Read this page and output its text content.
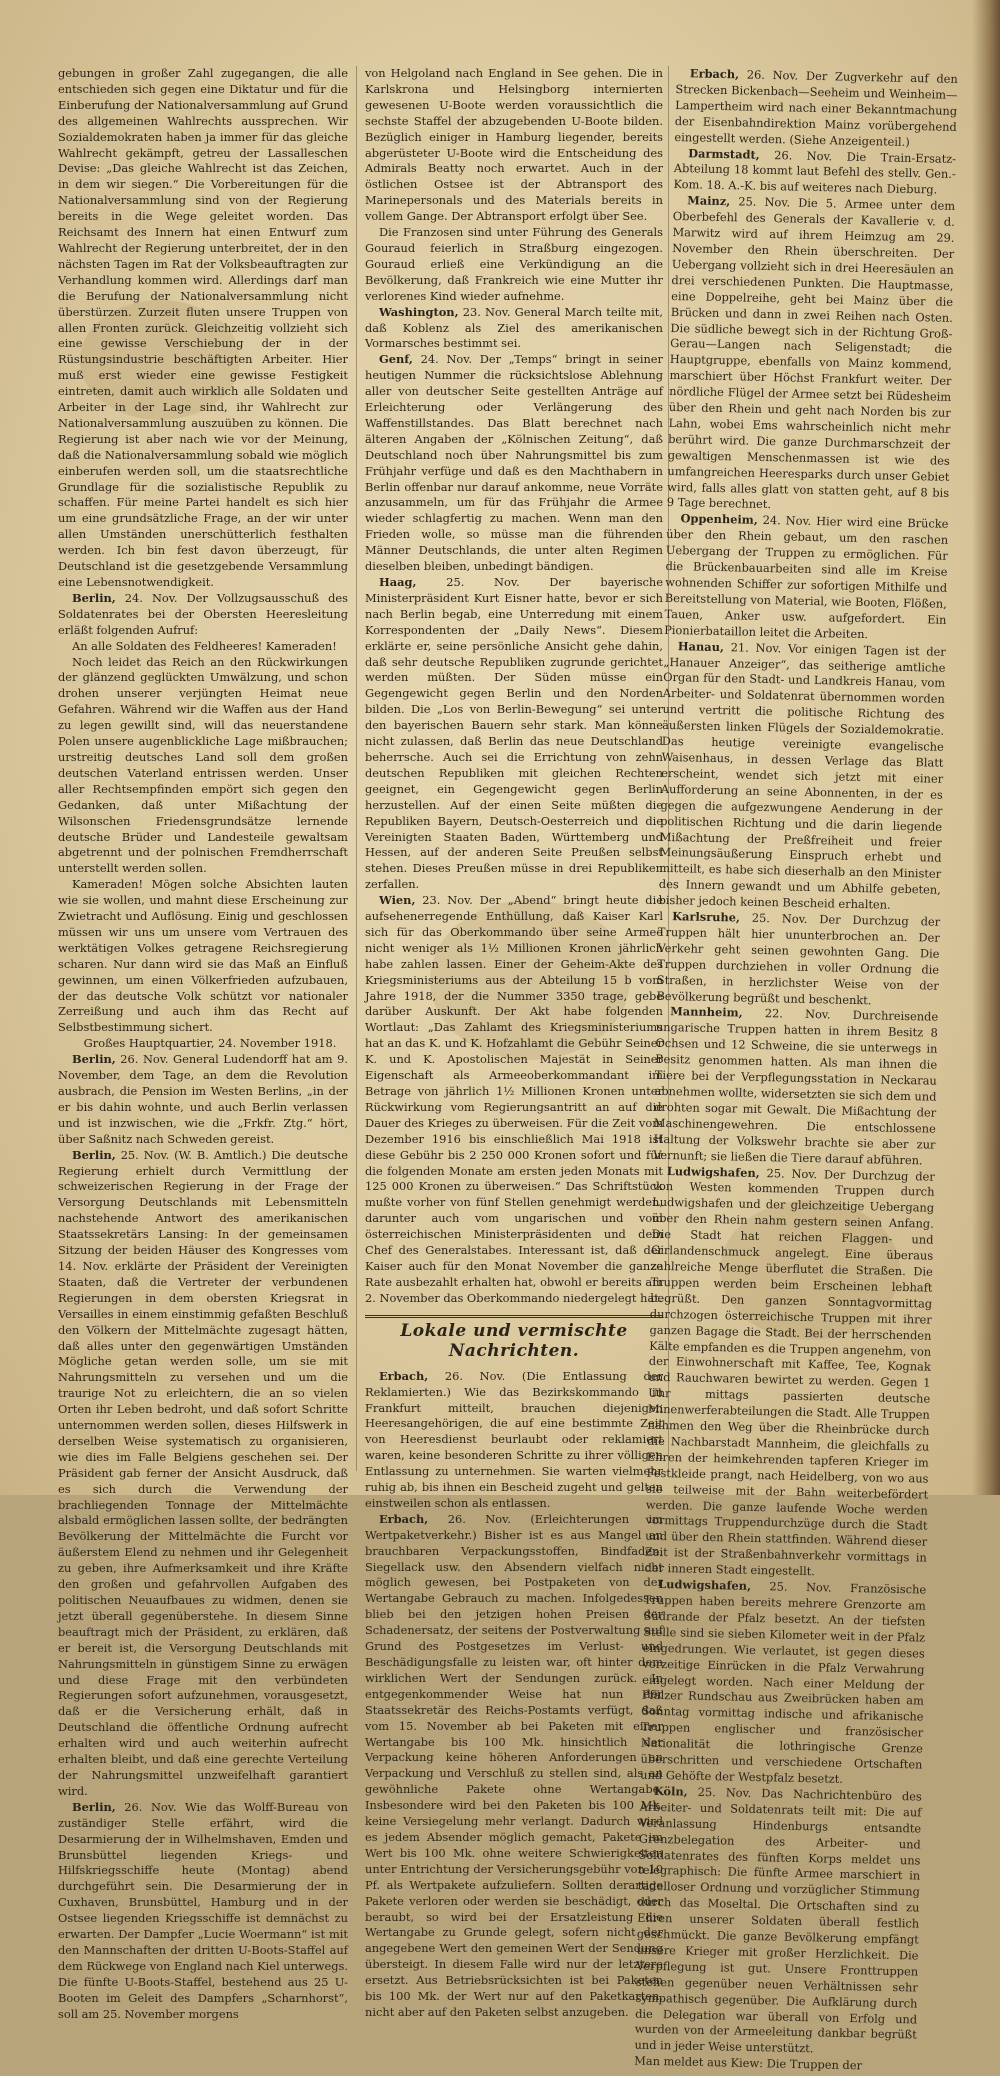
gebungen in großer Zahl zugegangen, die alle entschieden sich gegen eine Diktatur und für die Einberufung der Nationalversammlung auf Grund des allgemeinen Wahlrechts aussprechen. Wir Sozialdemokraten haben ja immer für das gleiche Wahlrecht gekämpft, getreu der Lassalleschen Devise: „Das gleiche Wahlrecht ist das Zeichen, in dem wir siegen.“ Die Vorbereitungen für die Nationalversammlung sind von der Regierung bereits in die Wege geleitet worden. Das Reichsamt des Innern hat einen Entwurf zum Wahlrecht der Regierung unterbreitet, der in den nächsten Tagen im Rat der Volksbeauftragten zur Verhandlung kommen wird. Allerdings darf man die Berufung der Nationalversammlung nicht überstürzen. Zurzeit fluten unsere Truppen von allen Fronten zurück. Gleichzeitig vollzieht sich eine gewisse Verschiebung der in der Rüstungsindustrie beschäftigten Arbeiter. Hier muß erst wieder eine gewisse Festigkeit eintreten, damit auch wirklich alle Soldaten und Arbeiter in der Lage sind, ihr Wahlrecht zur Nationalversammlung auszuüben zu können. Die Regierung ist aber nach wie vor der Meinung, daß die Nationalversammlung sobald wie möglich einberufen werden soll, um die staatsrechtliche Grundlage für die sozialistische Republik zu schaffen. Für meine Partei handelt es sich hier um eine grundsätzliche Frage, an der wir unter allen Umständen unerschütterlich festhalten werden. Ich bin fest davon überzeugt, für Deutschland ist die gesetzgebende Versammlung eine Lebensnotwendigkeit.

Berlin, 24. Nov. Der Vollzugsausschuß des Soldatenrates bei der Obersten Heeresleitung erläßt folgenden Aufruf:

An alle Soldaten des Feldheeres! Kameraden!

Noch leidet das Reich an den Rückwirkungen der glänzend geglückten Umwälzung, und schon drohen unserer verjüngten Heimat neue Gefahren. Während wir die Waffen aus der Hand zu legen gewillt sind, will das neuerstandene Polen unsere augenblickliche Lage mißbrauchen; urstreitig deutsches Land soll dem großen deutschen Vaterland entrissen werden. Unser aller Rechtsempfinden empört sich gegen den Gedanken, daß unter Mißachtung der Wilsonschen Friedensgrundsätze lernende deutsche Brüder und Landesteile gewaltsam abgetrennt und der polnischen Fremdherrschaft unterstellt werden sollen.

Kameraden! Mögen solche Absichten lauten wie sie wollen, und mahnt diese Erscheinung zur Zwietracht und Auflösung. Einig und geschlossen müssen wir uns um unsere vom Vertrauen des werktätigen Volkes getragene Reichsregierung scharen. Nur dann wird sie das Maß an Einfluß gewinnen, um einen Völkerfrieden aufzubauen, der das deutsche Volk schützt vor nationaler Zerreißung und auch ihm das Recht auf Selbstbestimmung sichert.

Großes Hauptquartier, 24. November 1918.

Berlin, 26. Nov. General Ludendorff hat am 9. November, dem Tage, an dem die Revolution ausbrach, die Pension im Westen Berlins, „in der er bis dahin wohnte, und auch Berlin verlassen und ist inzwischen, wie die „Frkfr. Ztg.“ hört, über Saßnitz nach Schweden gereist.

Berlin, 25. Nov. (W. B. Amtlich.) Die deutsche Regierung erhielt durch Vermittlung der schweizerischen Regierung in der Frage der Versorgung Deutschlands mit Lebensmitteln nachstehende Antwort des amerikanischen Staatssekretärs Lansing: In der gemeinsamen Sitzung der beiden Häuser des Kongresses vom 14. Nov. erklärte der Präsident der Vereinigten Staaten, daß die Vertreter der verbundenen Regierungen in dem obersten Kriegsrat in Versailles in einem einstimmig gefaßten Beschluß den Völkern der Mittelmächte zugesagt hätten, daß alles unter den gegenwärtigen Umständen Mögliche getan werden solle, um sie mit Nahrungsmitteln zu versehen und um die traurige Not zu erleichtern, die an so vielen Orten ihr Leben bedroht, und daß sofort Schritte unternommen werden sollen, dieses Hilfswerk in derselben Weise systematisch zu organisieren, wie dies im Falle Belgiens geschehen sei. Der Präsident gab ferner der Ansicht Ausdruck, daß es sich durch die Verwendung der brachliegenden Tonnage der Mittelmächte alsbald ermöglichen lassen sollte, der bedrängten Bevölkerung der Mittelmächte die Furcht vor äußerstem Elend zu nehmen und ihr Gelegenheit zu geben, ihre Aufmerksamkeit und ihre Kräfte den großen und gefahrvollen Aufgaben des politischen Neuaufbaues zu widmen, denen sie jetzt überall gegenüberstehe. In diesem Sinne beauftragt mich der Präsident, zu erklären, daß er bereit ist, die Versorgung Deutschlands mit Nahrungsmitteln in günstigem Sinne zu erwägen und diese Frage mit den verbündeten Regierungen sofort aufzunehmen, vorausgesetzt, daß er die Versicherung erhält, daß in Deutschland die öffentliche Ordnung aufrecht erhalten wird und auch weiterhin aufrecht erhalten bleibt, und daß eine gerechte Verteilung der Nahrungsmittel unzweifelhaft garantiert wird.

Berlin, 26. Nov. Wie das Wolff-Bureau von zuständiger Stelle erfährt, wird die Desarmierung der in Wilhelmshaven, Emden und Brunsbüttel liegenden Kriegs- und Hilfskriegsschiffe heute (Montag) abend durchgeführt sein. Die Desarmierung der in Cuxhaven, Brunsbüttel, Hamburg und in der Ostsee liegenden Kriegsschiffe ist demnächst zu erwarten. Der Dampfer „Lucie Woermann“ ist mit den Mannschaften der dritten U-Boots-Staffel auf dem Rückwege von England nach Kiel unterwegs. Die fünfte U-Boots-Staffel, bestehend aus 25 U-Booten im Geleit des Dampfers „Scharnhorst“, soll am 25. November morgens

von Helgoland nach England in See gehen. Die in Karlskrona und Helsingborg internierten gewesenen U-Boote werden voraussichtlich die sechste Staffel der abzugebenden U-Boote bilden. Bezüglich einiger in Hamburg liegender, bereits abgerüsteter U-Boote wird die Entscheidung des Admirals Beatty noch erwartet. Auch in der östlichen Ostsee ist der Abtransport des Marinepersonals und des Materials bereits in vollem Gange. Der Abtransport erfolgt über See.

Die Franzosen sind unter Führung des Generals Gouraud feierlich in Straßburg eingezogen. Gouraud erließ eine Verkündigung an die Bevölkerung, daß Frankreich wie eine Mutter ihr verlorenes Kind wieder aufnehme.

Washington, 23. Nov. General March teilte mit, daß Koblenz als Ziel des amerikanischen Vormarsches bestimmt sei.

Genf, 24. Nov. Der „Temps“ bringt in seiner heutigen Nummer die rücksichtslose Ablehnung aller von deutscher Seite gestellten Anträge auf Erleichterung oder Verlängerung des Waffenstillstandes. Das Blatt berechnet nach älteren Angaben der „Kölnischen Zeitung“, daß Deutschland noch über Nahrungsmittel bis zum Frühjahr verfüge und daß es den Machthabern in Berlin offenbar nur darauf ankomme, neue Vorräte anzusammeln, um für das Frühjahr die Armee wieder schlagfertig zu machen. Wenn man den Frieden wolle, so müsse man die führenden Männer Deutschlands, die unter alten Regimen dieselben bleiben, unbedingt bändigen.

Haag, 25. Nov. Der bayerische Ministerpräsident Kurt Eisner hatte, bevor er sich nach Berlin begab, eine Unterredung mit einem Korrespondenten der „Daily News“. Diesem erklärte er, seine persönliche Ansicht gehe dahin, daß sehr deutsche Republiken zugrunde gerichtet werden müßten. Der Süden müsse ein Gegengewicht gegen Berlin und den Norden bilden. Die „Los von Berlin-Bewegung“ sei unter den bayerischen Bauern sehr stark. Man könne nicht zulassen, daß Berlin das neue Deutschland beherrsche. Auch sei die Errichtung von zehn deutschen Republiken mit gleichen Rechten geeignet, ein Gegengewicht gegen Berlin herzustellen. Auf der einen Seite müßten die Republiken Bayern, Deutsch-Oesterreich und die Vereinigten Staaten Baden, Württemberg und Hessen, auf der anderen Seite Preußen selbst stehen. Dieses Preußen müsse in drei Republiken zerfallen.

Wien, 23. Nov. Der „Abend“ bringt heute die aufsehenerregende Enthüllung, daß Kaiser Karl sich für das Oberkommando über seine Armee nicht weniger als 1½ Millionen Kronen jährlich habe zahlen lassen. Einer der Geheim-Akte des Kriegsministeriums aus der Abteilung 15 b vom Jahre 1918, der die Nummer 3350 trage, gebe darüber Auskunft. Der Akt habe folgenden Wortlaut: „Das Zahlamt des Kriegsministeriums hat an das K. und K. Hofzahlamt die Gebühr Seiner K. und K. Apostolischen Majestät in Seiner Eigenschaft als Armeeoberkommandant im Betrage von jährlich 1½ Millionen Kronen unter Rückwirkung vom Regierungsantritt an auf die Dauer des Krieges zu überweisen. Für die Zeit vom Dezember 1916 bis einschließlich Mai 1918 ist diese Gebühr bis 2 250 000 Kronen sofort und für die folgenden Monate am ersten jeden Monats mit 125 000 Kronen zu überweisen.“ Das Schriftstück mußte vorher von fünf Stellen genehmigt werden, darunter auch vom ungarischen und vom österreichischen Ministerpräsidenten und dem Chef des Generalstabes. Interessant ist, daß der Kaiser auch für den Monat November die ganze Rate ausbezahlt erhalten hat, obwohl er bereits am 2. November das Oberkommando niedergelegt hat.

Lokale und vermischte Nachrichten.

Erbach, 26. Nov. (Die Entlassung der Reklamierten.) Wie das Bezirkskommando in Frankfurt mitteilt, brauchen diejenigen Heeresangehörigen, die auf eine bestimmte Zeit von Heeresdienst beurlaubt oder reklamiert waren, keine besonderen Schritte zu ihrer völligen Entlassung zu unternehmen. Sie warten vielmehr ruhig ab, bis ihnen ein Bescheid zugeht und gelten einstweilen schon als entlassen.

Erbach, 26. Nov. (Erleichterungen im Wertpaketverkehr.) Bisher ist es aus Mangel an brauchbaren Verpackungsstoffen, Bindfaden, Siegellack usw. den Absendern vielfach nicht möglich gewesen, bei Postpaketen von der Wertangabe Gebrauch zu machen. Infolgedessen blieb bei den jetzigen hohen Preisen der Schadenersatz, der seitens der Postverwaltung auf Grund des Postgesetzes im Verlust- und Beschädigungsfalle zu leisten war, oft hinter dem wirklichen Wert der Sendungen zurück. In entgegenkommender Weise hat nun der Staatssekretär des Reichs-Postamts verfügt, daß vom 15. November ab bei Paketen mit einer Wertangabe bis 100 Mk. hinsichtlich der Verpackung keine höheren Anforderungen an Verpackung und Verschluß zu stellen sind, als an gewöhnliche Pakete ohne Wertangabe. Insbesondere wird bei den Paketen bis 100 Mk. keine Versiegelung mehr verlangt. Dadurch wird es jedem Absender möglich gemacht, Pakete im Wert bis 100 Mk. ohne weitere Schwierigkeiten unter Entrichtung der Versicherungsgebühr von 10 Pf. als Wertpakete aufzuliefern. Sollten derartige Pakete verloren oder werden sie beschädigt, oder beraubt, so wird bei der Ersatzleistung die Wertangabe zu Grunde gelegt, sofern nicht der angegebene Wert den gemeinen Wert der Sendung übersteigt. In diesem Falle wird nur der letztere ersetzt. Aus Betriebsrücksichten ist bei Paketen bis 100 Mk. der Wert nur auf den Paketkarten, nicht aber auf den Paketen selbst anzugeben.

Erbach, 26. Nov. Der Zugverkehr auf den Strecken Bickenbach—Seeheim und Weinheim—Lampertheim wird nach einer Bekanntmachung der Eisenbahndirektion Mainz vorübergehend eingestellt werden. (Siehe Anzeigenteil.)

Darmstadt, 26. Nov. Die Train-Ersatz-Abteilung 18 kommt laut Befehl des stellv. Gen.-Kom. 18. A.-K. bis auf weiteres nach Dieburg.

Mainz, 25. Nov. Die 5. Armee unter dem Oberbefehl des Generals der Kavallerie v. d. Marwitz wird auf ihrem Heimzug am 29. November den Rhein überschreiten. Der Uebergang vollzieht sich in drei Heeresäulen an drei verschiedenen Punkten. Die Hauptmasse, eine Doppelreihe, geht bei Mainz über die Brücken und dann in zwei Reihen nach Osten. Die südliche bewegt sich in der Richtung Groß-Gerau—Langen nach Seligenstadt; die Hauptgruppe, ebenfalls von Mainz kommend, marschiert über Höchst Frankfurt weiter. Der nördliche Flügel der Armee setzt bei Rüdesheim über den Rhein und geht nach Norden bis zur Lahn, wobei Ems wahrscheinlich nicht mehr berührt wird. Die ganze Durchmarschzeit der gewaltigen Menschenmassen ist wie des umfangreichen Heeresparks durch unser Gebiet wird, falls alles glatt von statten geht, auf 8 bis 9 Tage berechnet.

Oppenheim, 24. Nov. Hier wird eine Brücke über den Rhein gebaut, um den raschen Uebergang der Truppen zu ermöglichen. Für die Brückenbauarbeiten sind alle im Kreise wohnenden Schiffer zur sofortigen Mithilfe und Bereitstellung von Material, wie Booten, Flößen, Tauen, Anker usw. aufgefordert. Ein Pionierbataillon leitet die Arbeiten.

Hanau, 21. Nov. Vor einigen Tagen ist der „Hanauer Anzeiger“, das seitherige amtliche Organ für den Stadt- und Landkreis Hanau, vom Arbeiter- und Soldatenrat übernommen worden und vertritt die politische Richtung des äußersten linken Flügels der Sozialdemokratie. Das heutige vereinigte evangelische Waisenhaus, in dessen Verlage das Blatt erscheint, wendet sich jetzt mit einer Aufforderung an seine Abonnenten, in der es gegen die aufgezwungene Aenderung in der politischen Richtung und die darin liegende Mißachtung der Preßfreiheit und freier Meinungsäußerung Einspruch erhebt und mitteilt, es habe sich dieserhalb an den Minister des Innern gewandt und um Abhilfe gebeten, bisher jedoch keinen Bescheid erhalten.

Karlsruhe, 25. Nov. Der Durchzug der Truppen hält hier ununterbrochen an. Der Verkehr geht seinen gewohnten Gang. Die Truppen durchziehen in voller Ordnung die Straßen, in herzlichster Weise von der Bevölkerung begrüßt und beschenkt.

Mannheim, 22. Nov. Durchreisende ungarische Truppen hatten in ihrem Besitz 8 Ochsen und 12 Schweine, die sie unterwegs in Besitz genommen hatten. Als man ihnen die Tiere bei der Verpflegungsstation in Neckarau abnehmen wollte, widersetzten sie sich dem und drohten sogar mit Gewalt. Die Mißachtung der Maschinengewehren. Die entschlossene Haltung der Volkswehr brachte sie aber zur Vernunft; sie ließen die Tiere darauf abführen.

Ludwigshafen, 25. Nov. Der Durchzug der von Westen kommenden Truppen durch Ludwigshafen und der gleichzeitige Uebergang über den Rhein nahm gestern seinen Anfang. Die Stadt hat reichen Flaggen- und Girlandenschmuck angelegt. Eine überaus zahlreiche Menge überflutet die Straßen. Die Truppen werden beim Erscheinen lebhaft begrüßt. Den ganzen Sonntagvormittag durchzogen österreichische Truppen mit ihrer ganzen Bagage die Stadt. Bei der herrschenden Kälte empfanden es die Truppen angenehm, von der Einwohnerschaft mit Kaffee, Tee, Kognak und Rauchwaren bewirtet zu werden. Gegen 1 Uhr mittags passierten deutsche Minenwerferabteilungen die Stadt. Alle Truppen nahmen den Weg über die Rheinbrücke durch die Nachbarstadt Mannheim, die gleichfalls zu Ehren der heimkehrenden tapferen Krieger im Festkleide prangt, nach Heidelberg, von wo aus sie teilweise mit der Bahn weiterbefördert werden. Die ganze laufende Woche werden vormittags Truppendurchzüge durch die Stadt und über den Rhein stattfinden. Während dieser Zeit ist der Straßenbahnverkehr vormittags in der inneren Stadt eingestellt.

Ludwigshafen, 25. Nov. Französische Truppen haben bereits mehrere Grenzorte am Südrande der Pfalz besetzt. An der tiefsten Stelle sind sie sieben Kilometer weit in der Pfalz eingedrungen. Wie verlautet, ist gegen dieses vorzeitige Einrücken in die Pfalz Verwahrung eingelegt worden. Nach einer Meldung der Pfälzer Rundschau aus Zweibrücken haben am Sonntag vormittag indische und afrikanische Truppen englischer und französischer Nationalität die lothringische Grenze überschritten und verschiedene Ortschaften und Gehöfte der Westpfalz besetzt.

Köln, 25. Nov. Das Nachrichtenbüro des Arbeiter- und Soldatenrats teilt mit: Die auf Veranlassung Hindenburgs entsandte Grenzbelegation des Arbeiter- und Soldatenrates des fünften Korps meldet uns telegraphisch: Die fünfte Armee marschiert in tadelloser Ordnung und vorzüglicher Stimmung durch das Moseltal. Die Ortschaften sind zu Ehren unserer Soldaten überall festlich geschmückt. Die ganze Bevölkerung empfängt unsere Krieger mit großer Herzlichkeit. Die Verpflegung ist gut. Unsere Fronttruppen stehen gegenüber neuen Verhältnissen sehr sympathisch gegenüber. Die Aufklärung durch die Delegation war überall von Erfolg und wurden von der Armeeleitung dankbar begrüßt und in jeder Weise unterstützt.

Man meldet aus Kiew: Die Truppen der
